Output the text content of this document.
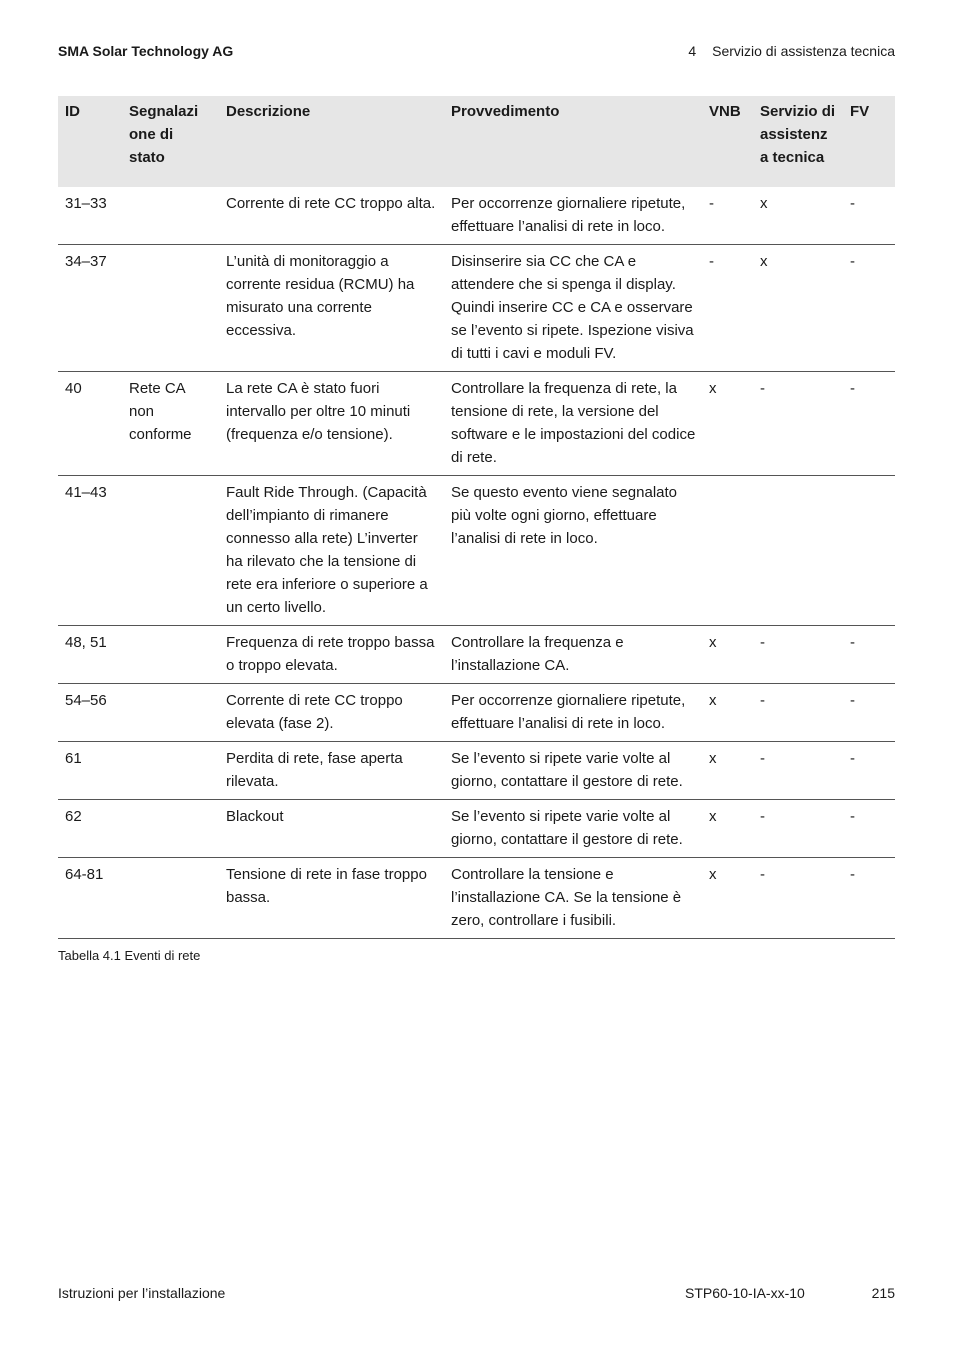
SMA Solar Technology AG	4 Servizio di assistenza tecnica
ID	Segnalazi one di stato	Descrizione	Provvedimento	VNB	Servizio di assistenz a tecnica	FV
31–33		Corrente di rete CC troppo alta.	Per occorrenze giornaliere ripetute, effettuare l’analisi di rete in loco.	-	x	-
34–37		L’unità di monitoraggio a corrente residua (RCMU) ha misurato una corrente eccessiva.	Disinserire sia CC che CA e attendere che si spenga il display. Quindi inserire CC e CA e osservare se l’evento si ripete. Ispezione visiva di tutti i cavi e moduli FV.	-	x	-
40	Rete CA non conforme	La rete CA è stato fuori intervallo per oltre 10 minuti (frequenza e/o tensione).	Controllare la frequenza di rete, la tensione di rete, la versione del software e le impostazioni del codice di rete.	x	-	-
41–43		Fault Ride Through. (Capacità dell’impianto di rimanere connesso alla rete) L’inverter ha rilevato che la tensione di rete era inferiore o superiore a un certo livello.	Se questo evento viene segnalato più volte ogni giorno, effettuare l’analisi di rete in loco.			
48, 51		Frequenza di rete troppo bassa o troppo elevata.	Controllare la frequenza e l’installazione CA.	x	-	-
54–56		Corrente di rete CC troppo elevata (fase 2).	Per occorrenze giornaliere ripetute, effettuare l’analisi di rete in loco.	x	-	-
61		Perdita di rete, fase aperta rilevata.	Se l’evento si ripete varie volte al giorno, contattare il gestore di rete.	x	-	-
62		Blackout	Se l’evento si ripete varie volte al giorno, contattare il gestore di rete.	x	-	-
64-81		Tensione di rete in fase troppo bassa.	Controllare la tensione e l’installazione CA. Se la tensione è zero, controllare i fusibili.	x	-	-
Tabella 4.1 Eventi di rete
Istruzioni per l’installazione	STP60-10-IA-xx-10	215
